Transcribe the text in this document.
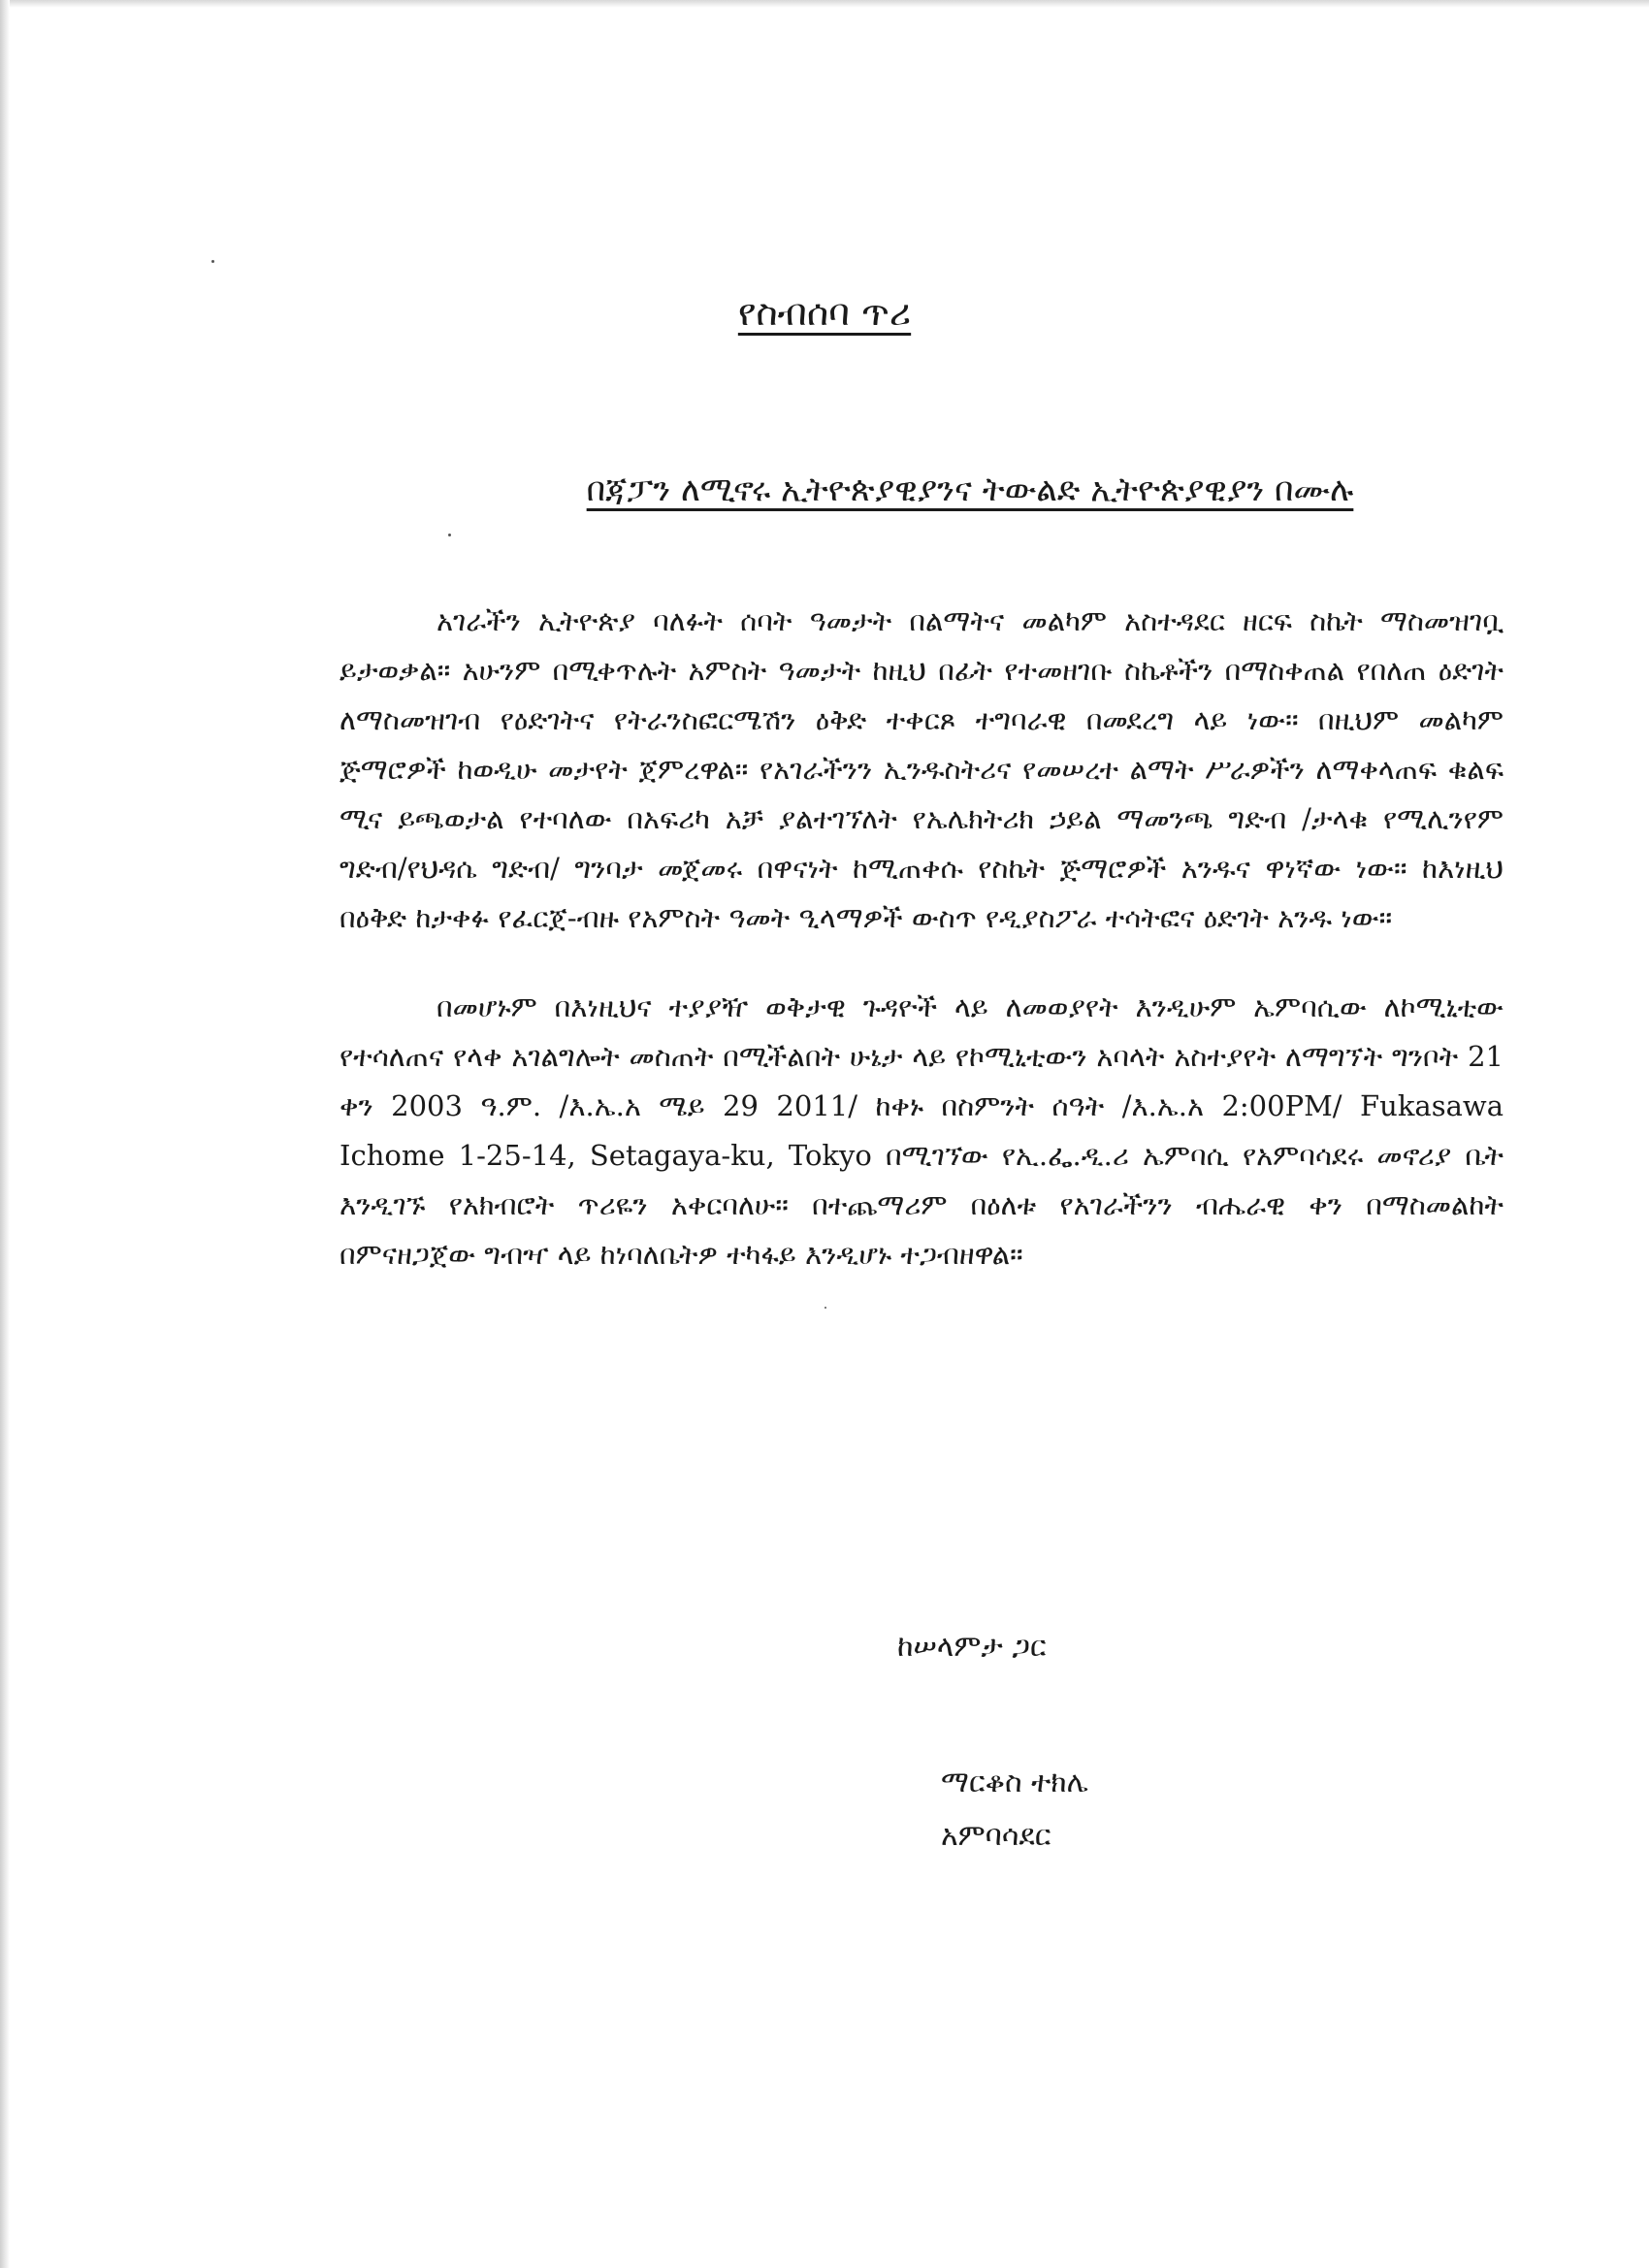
የስብሰባ ጥሪ
በጃፓን ለሚኖሩ ኢትዮጵያዊያንና ትውልድ ኢትዮጵያዊያን በሙሉ

አገራችን ኢትዮጵያ ባለፉት ሰባት ዓመታት በልማትና መልካም አስተዳደር ዘርፍ ስኬት ማስመዝገቧ ይታወቃል። አሁንም በሚቀጥሉት አምስት ዓመታት ከዚህ በፊት የተመዘገቡ ስኬቶችን በማስቀጠል የበለጠ ዕድገት ለማስመዝገብ የዕድገትና የትራንስፎርሜሽን ዕቅድ ተቀርጾ ተግባራዊ በመደረግ ላይ ነው። በዚህም መልካም ጅማሮዎች ከወዲሁ መታየት ጀምረዋል። የአገራችንን ኢንዱስትሪና የመሠረተ ልማት ሥራዎችን ለማቀላጠፍ ቁልፍ ሚና ይጫወታል የተባለው በአፍሪካ አቻ ያልተገኘለት የኤሌክትሪክ ኃይል ማመንጫ ግድብ /ታላቁ የሚሊንየም ግድብ/የህዳሴ ግድብ/ ግንባታ መጀመሩ በዋናነት ከሚጠቀሱ የስኬት ጅማሮዎች አንዱና ዋነኛው ነው። ከእነዚህ በዕቅድ ከታቀፉ የፈርጀ-ብዙ የአምስት ዓመት ዒላማዎች ውስጥ የዲያስፖራ ተሳትፎና ዕድገት አንዱ ነው።

በመሆኑም በእነዚህና ተያያዥ ወቅታዊ ጉዳዮች ላይ ለመወያየት እንዲሁም ኤምባሲው ለኮሚኒቲው የተሳለጠና የላቀ አገልግሎት መስጠት በሚችልበት ሁኔታ ላይ የኮሚኒቲውን አባላት አስተያየት ለማግኘት ግንቦት 21 ቀን 2003 ዓ.ም. /እ.ኤ.አ ሜይ 29 2011/ ከቀኑ በስምንት ሰዓት /እ.ኤ.አ 2:00PM/ Fukasawa Ichome 1-25-14, Setagaya-ku, Tokyo በሚገኘው የኢ.ፌ.ዲ.ሪ ኤምባሲ የአምባሳደሩ መኖሪያ ቤት እንዲገኙ የአክብሮት ጥሪዬን አቀርባለሁ። በተጨማሪም በዕለቱ የአገራችንን ብሔራዊ ቀን በማስመልከት በምናዘጋጀው ግብዣ ላይ ከነባለቤትዎ ተካፋይ እንዲሆኑ ተጋብዘዋል።

ከሠላምታ ጋር

ማርቆስ ተክሌ

አምባሳደር
